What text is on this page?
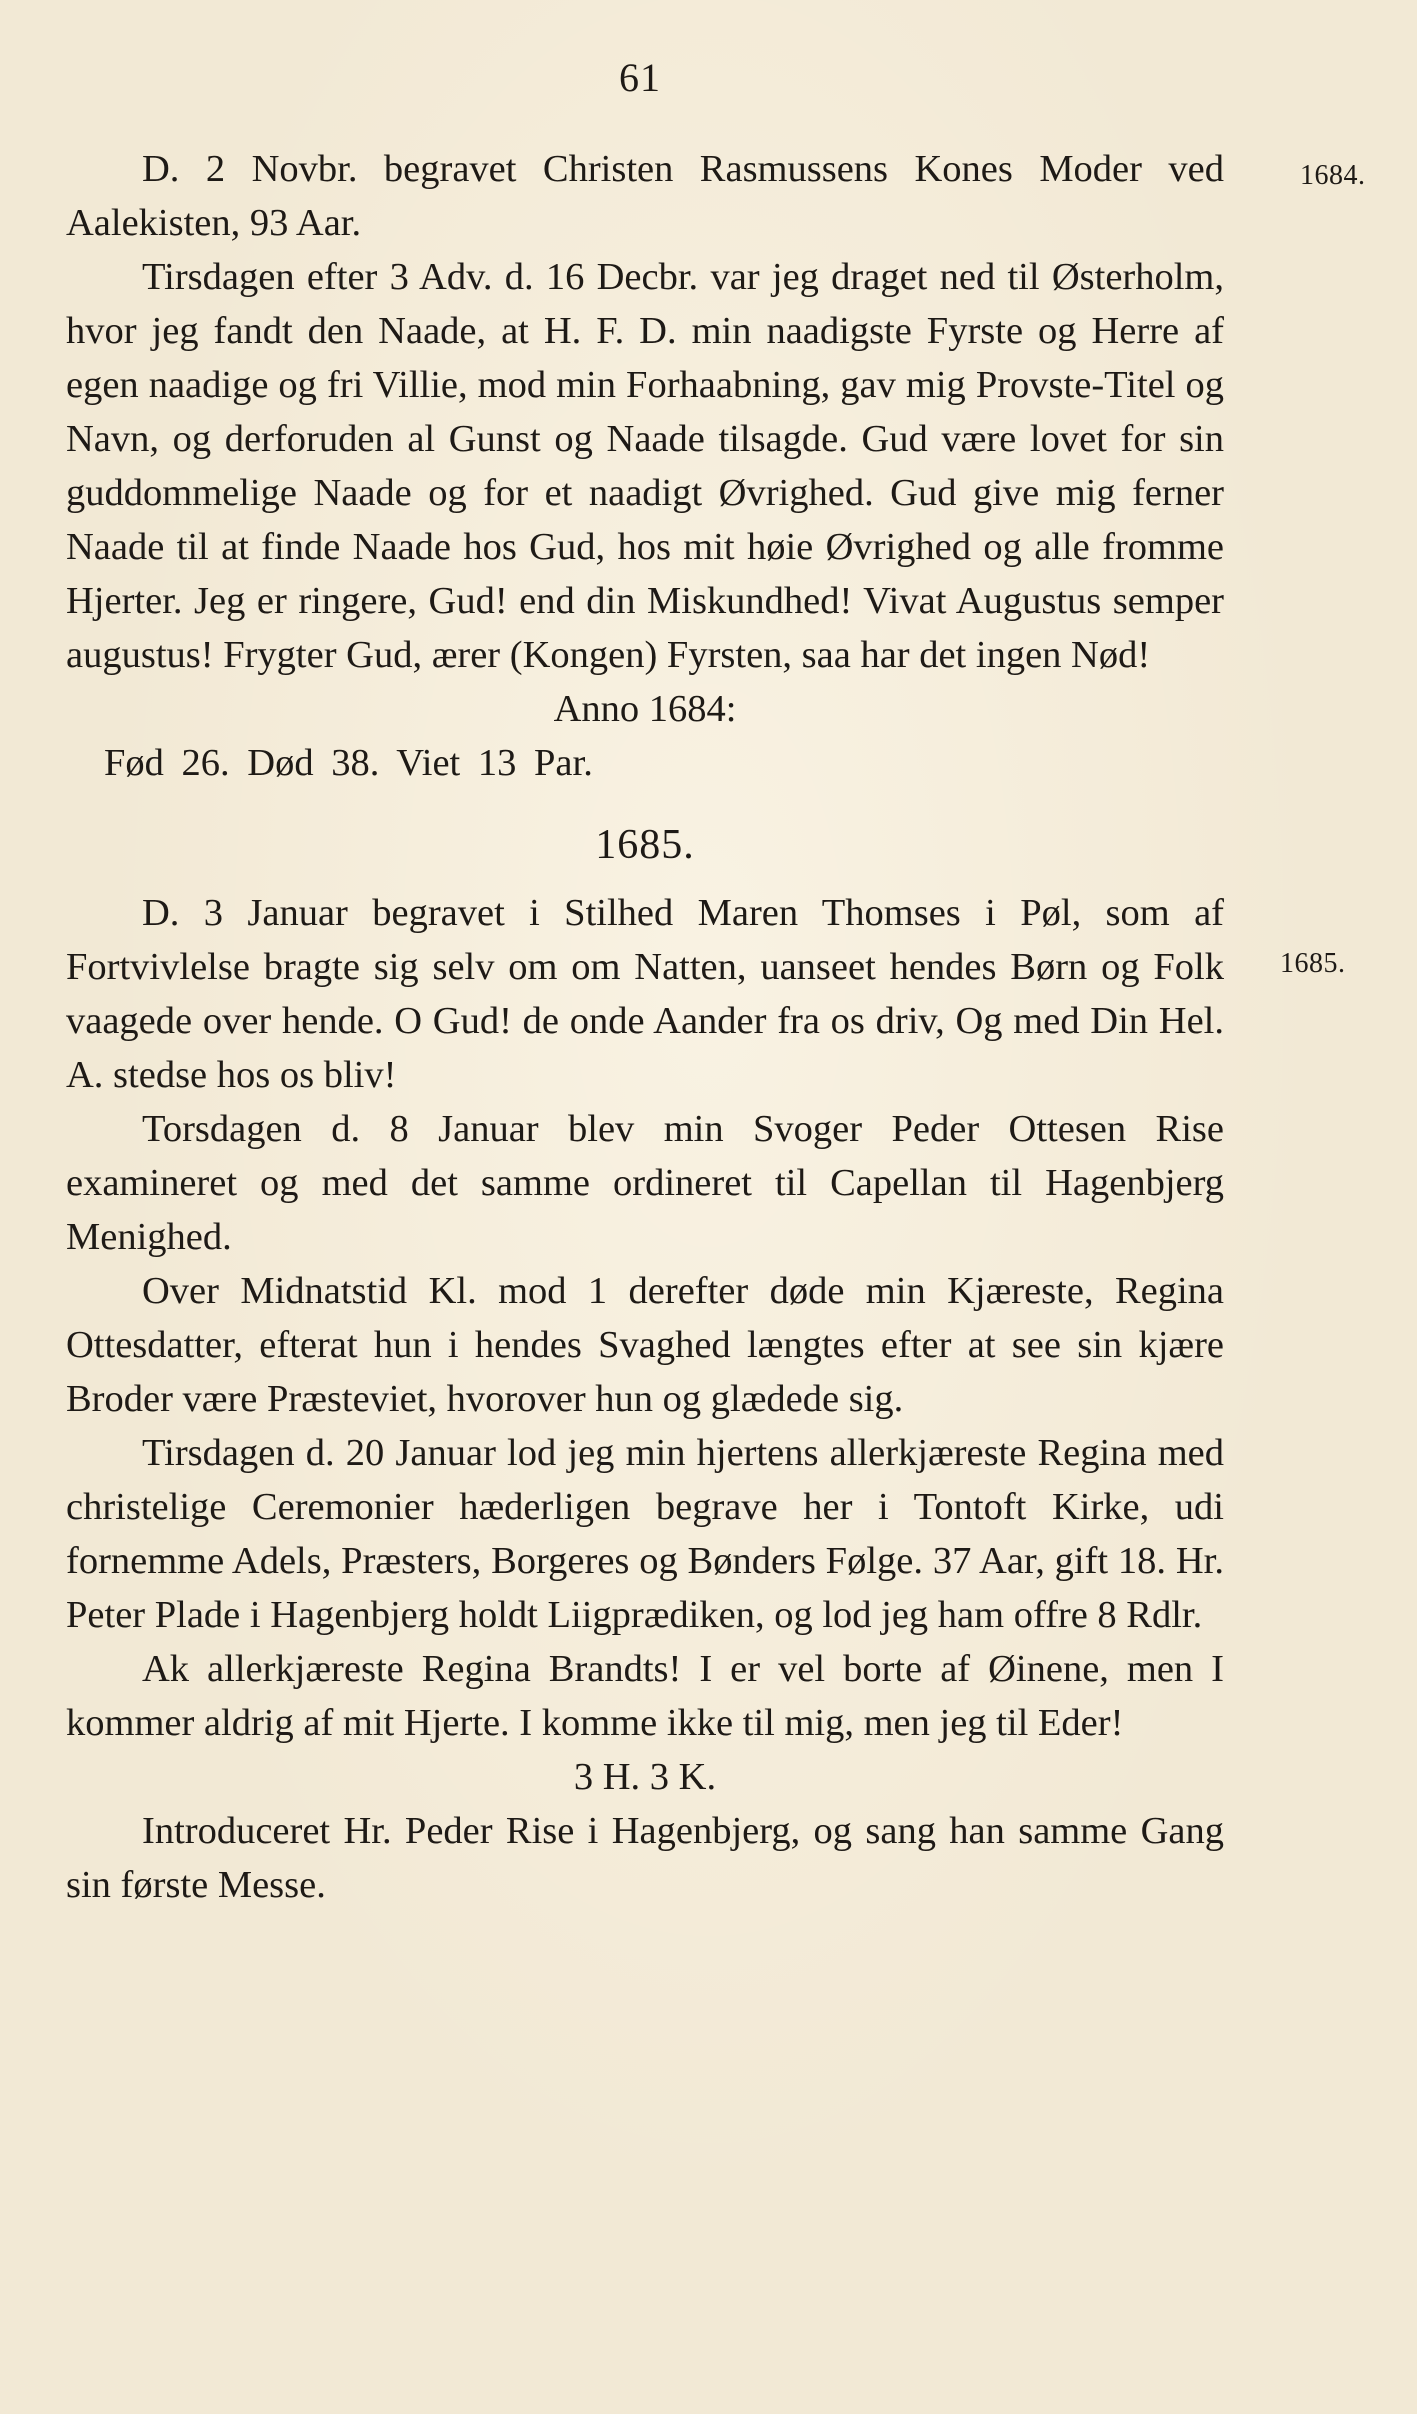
61
1684.
1685.

D. 2 Novbr. begravet Christen Rasmussens Kones Moder ved Aalekisten, 93 Aar.

Tirsdagen efter 3 Adv. d. 16 Decbr. var jeg draget ned til Østerholm, hvor jeg fandt den Naade, at H. F. D. min naadigste Fyrste og Herre af egen naadige og fri Villie, mod min Forhaabning, gav mig Provste-Titel og Navn, og derforuden al Gunst og Naade tilsagde. Gud være lovet for sin guddommelige Naade og for et naadigt Øvrighed. Gud give mig ferner Naade til at finde Naade hos Gud, hos mit høie Øvrighed og alle fromme Hjerter. Jeg er ringere, Gud! end din Miskundhed! Vivat Augustus semper augustus! Frygter Gud, ærer (Kongen) Fyrsten, saa har det ingen Nød!

Anno 1684:

Fød 26. Død 38. Viet 13 Par.

1685.

D. 3 Januar begravet i Stilhed Maren Thomses i Pøl, som af Fortvivlelse bragte sig selv om om Natten, uanseet hendes Børn og Folk vaagede over hende. O Gud! de onde Aander fra os driv, Og med Din Hel. A. stedse hos os bliv!

Torsdagen d. 8 Januar blev min Svoger Peder Ottesen Rise examineret og med det samme ordineret til Capellan til Hagenbjerg Menighed.

Over Midnatstid Kl. mod 1 derefter døde min Kjæreste, Regina Ottesdatter, efterat hun i hendes Svaghed længtes efter at see sin kjære Broder være Præsteviet, hvorover hun og glædede sig.

Tirsdagen d. 20 Januar lod jeg min hjertens allerkjæreste Regina med christelige Ceremonier hæderligen begrave her i Tontoft Kirke, udi fornemme Adels, Præsters, Borgeres og Bønders Følge. 37 Aar, gift 18. Hr. Peter Plade i Hagenbjerg holdt Liigprædiken, og lod jeg ham offre 8 Rdlr.

Ak allerkjæreste Regina Brandts! I er vel borte af Øinene, men I kommer aldrig af mit Hjerte. I komme ikke til mig, men jeg til Eder!

3 H. 3 K.

Introduceret Hr. Peder Rise i Hagenbjerg, og sang han samme Gang sin første Messe.
